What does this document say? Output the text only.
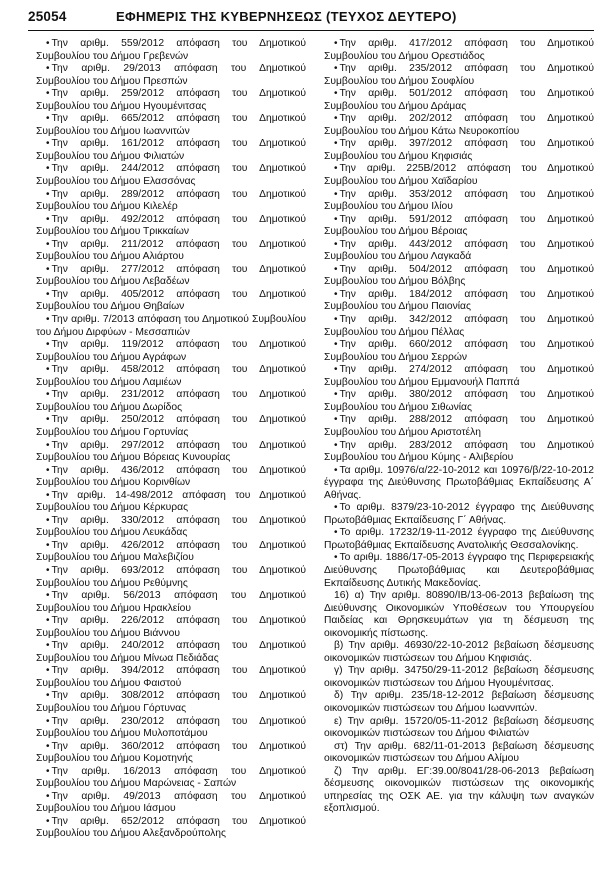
25054	ΕΦΗΜΕΡΙΣ ΤΗΣ ΚΥΒΕΡΝΗΣΕΩΣ (ΤΕΥΧΟΣ ΔΕΥΤΕΡΟ)

• Την αριθμ. 559/2012 απόφαση του Δημοτικού Συμβουλίου του Δήμου Γρεβενών

• Την αριθμ. 29/2013 απόφαση του Δημοτικού Συμβουλίου του Δήμου Πρεσπών

• Την αριθμ. 259/2012 απόφαση του Δημοτικού Συμβουλίου του Δήμου Ηγουμένιτσας

• Την αριθμ. 665/2012 απόφαση του Δημοτικού Συμβουλίου του Δήμου Ιωαννιτών

• Την αριθμ. 161/2012 απόφαση του Δημοτικού Συμβουλίου του Δήμου Φιλιατών

• Την αριθμ. 244/2012 απόφαση του Δημοτικού Συμβουλίου του Δήμου Ελασσόνας

• Την αριθμ. 289/2012 απόφαση του Δημοτικού Συμβουλίου του Δήμου Κιλελέρ

• Την αριθμ. 492/2012 απόφαση του Δημοτικού Συμβουλίου του Δήμου Τρικκαίων

• Την αριθμ. 211/2012 απόφαση του Δημοτικού Συμβουλίου του Δήμου Αλιάρτου

• Την αριθμ. 277/2012 απόφαση του Δημοτικού Συμβουλίου του Δήμου Λεβαδέων

• Την αριθμ. 405/2012 απόφαση του Δημοτικού Συμβουλίου του Δήμου Θηβαίων

• Την αριθμ. 7/2013 απόφαση του Δημοτικού Συμβουλίου του Δήμου Διρφύων - Μεσσαπιών

• Την αριθμ. 119/2012 απόφαση του Δημοτικού Συμβουλίου του Δήμου Αγράφων

• Την αριθμ. 458/2012 απόφαση του Δημοτικού Συμβουλίου του Δήμου Λαμιέων

• Την αριθμ. 231/2012 απόφαση του Δημοτικού Συμβουλίου του Δήμου Δωρίδος

• Την αριθμ. 250/2012 απόφαση του Δημοτικού Συμβουλίου του Δήμου Γορτυνίας

• Την αριθμ. 297/2012 απόφαση του Δημοτικού Συμβουλίου του Δήμου Βόρειας Κυνουρίας

• Την αριθμ. 436/2012 απόφαση του Δημοτικού Συμβουλίου του Δήμου Κορινθίων

• Την αριθμ. 14-498/2012 απόφαση του Δημοτικού Συμβουλίου του Δήμου Κέρκυρας

• Την αριθμ. 330/2012 απόφαση του Δημοτικού Συμβουλίου του Δήμου Λευκάδας

• Την αριθμ. 426/2012 απόφαση του Δημοτικού Συμβουλίου του Δήμου Μαλεβιζίου

• Την αριθμ. 693/2012 απόφαση του Δημοτικού Συμβουλίου του Δήμου Ρεθύμνης

• Την αριθμ. 56/2013 απόφαση του Δημοτικού Συμβουλίου του Δήμου Ηρακλείου

• Την αριθμ. 226/2012 απόφαση του Δημοτικού Συμβουλίου του Δήμου Βιάννου

• Την αριθμ. 240/2012 απόφαση του Δημοτικού Συμβουλίου του Δήμου Μίνωα Πεδιάδας

• Την αριθμ. 394/2012 απόφαση του Δημοτικού Συμβουλίου του Δήμου Φαιστού

• Την αριθμ. 308/2012 απόφαση του Δημοτικού Συμβουλίου του Δήμου Γόρτυνας

• Την αριθμ. 230/2012 απόφαση του Δημοτικού Συμβουλίου του Δήμου Μυλοποτάμου

• Την αριθμ. 360/2012 απόφαση του Δημοτικού Συμβουλίου του Δήμου Κομοτηνής

• Την αριθμ. 16/2013 απόφαση του Δημοτικού Συμβουλίου του Δήμου Μαρώνειας - Σαπών

• Την αριθμ. 49/2013 απόφαση του Δημοτικού Συμβουλίου του Δήμου Ιάσμου

• Την αριθμ. 652/2012 απόφαση του Δημοτικού Συμβουλίου του Δήμου Αλεξανδρούπολης

• Την αριθμ. 417/2012 απόφαση του Δημοτικού Συμβουλίου του Δήμου Ορεστιάδος

• Την αριθμ. 235/2012 απόφαση του Δημοτικού Συμβουλίου του Δήμου Σουφλίου

• Την αριθμ. 501/2012 απόφαση του Δημοτικού Συμβουλίου του Δήμου Δράμας

• Την αριθμ. 202/2012 απόφαση του Δημοτικού Συμβουλίου του Δήμου Κάτω Νευροκοπίου

• Την αριθμ. 397/2012 απόφαση του Δημοτικού Συμβουλίου του Δήμου Κηφισιάς

• Την αριθμ. 225Β/2012 απόφαση του Δημοτικού Συμβουλίου του Δήμου Χαϊδαρίου

• Την αριθμ. 353/2012 απόφαση του Δημοτικού Συμβουλίου του Δήμου Ιλίου

• Την αριθμ. 591/2012 απόφαση του Δημοτικού Συμβουλίου του Δήμου Βέροιας

• Την αριθμ. 443/2012 απόφαση του Δημοτικού Συμβουλίου του Δήμου Λαγκαδά

• Την αριθμ. 504/2012 απόφαση του Δημοτικού Συμβουλίου του Δήμου Βόλβης

• Την αριθμ. 184/2012 απόφαση του Δημοτικού Συμβουλίου του Δήμου Παιονίας

• Την αριθμ. 342/2012 απόφαση του Δημοτικού Συμβουλίου του Δήμου Πέλλας

• Την αριθμ. 660/2012 απόφαση του Δημοτικού Συμβουλίου του Δήμου Σερρών

• Την αριθμ. 274/2012 απόφαση του Δημοτικού Συμβουλίου του Δήμου Εμμανουήλ Παππά

• Την αριθμ. 380/2012 απόφαση του Δημοτικού Συμβουλίου του Δήμου Σιθωνίας

• Την αριθμ. 288/2012 απόφαση του Δημοτικού Συμβουλίου του Δήμου Αριστοτέλη

• Την αριθμ. 283/2012 απόφαση του Δημοτικού Συμβουλίου του Δήμου Κύμης - Αλιβερίου

• Τα αριθμ. 10976/α/22-10-2012 και 10976/β/22-10-2012 έγγραφα της Διεύθυνσης Πρωτοβάθμιας Εκπαίδευσης Α΄ Αθήνας.

• Το αριθμ. 8379/23-10-2012 έγγραφο της Διεύθυνσης Πρωτοβάθμιας Εκπαίδευσης Γ΄ Αθήνας.

• Το αριθμ. 17232/19-11-2012 έγγραφο της Διεύθυνσης Πρωτοβάθμιας Εκπαίδευσης Ανατολικής Θεσσαλονίκης.

• Το αριθμ. 1886/17-05-2013 έγγραφο της Περιφερειακής Διεύθυνσης Πρωτοβάθμιας και Δευτεροβάθμιας Εκπαίδευσης Δυτικής Μακεδονίας.

16) α) Την αριθμ. 80890/ΙΒ/13-06-2013 βεβαίωση της Διεύθυνσης Οικονομικών Υποθέσεων του Υπουργείου Παιδείας και Θρησκευμάτων για τη δέσμευση της οικονομικής πίστωσης.

β) Την αριθμ. 46930/22-10-2012 βεβαίωση δέσμευσης οικονομικών πιστώσεων του Δήμου Κηφισιάς.

γ) Την αριθμ. 34750/29-11-2012 βεβαίωση δέσμευσης οικονομικών πιστώσεων του Δήμου Ηγουμένιτσας.

δ) Την αριθμ. 235/18-12-2012 βεβαίωση δέσμευσης οικονομικών πιστώσεων του Δήμου Ιωαννιτών.

ε) Την αριθμ. 15720/05-11-2012 βεβαίωση δέσμευσης οικονομικών πιστώσεων του Δήμου Φιλιατών

στ) Την αριθμ. 682/11-01-2013 βεβαίωση δέσμευσης οικονομικών πιστώσεων του Δήμου Αλίμου

ζ) Την αριθμ. ΕΓ:39.00/8041/28-06-2013 βεβαίωση δέσμευσης οικονομικών πιστώσεων της οικονομικής υπηρεσίας της ΟΣΚ ΑΕ. για την κάλυψη των αναγκών εξοπλισμού.
